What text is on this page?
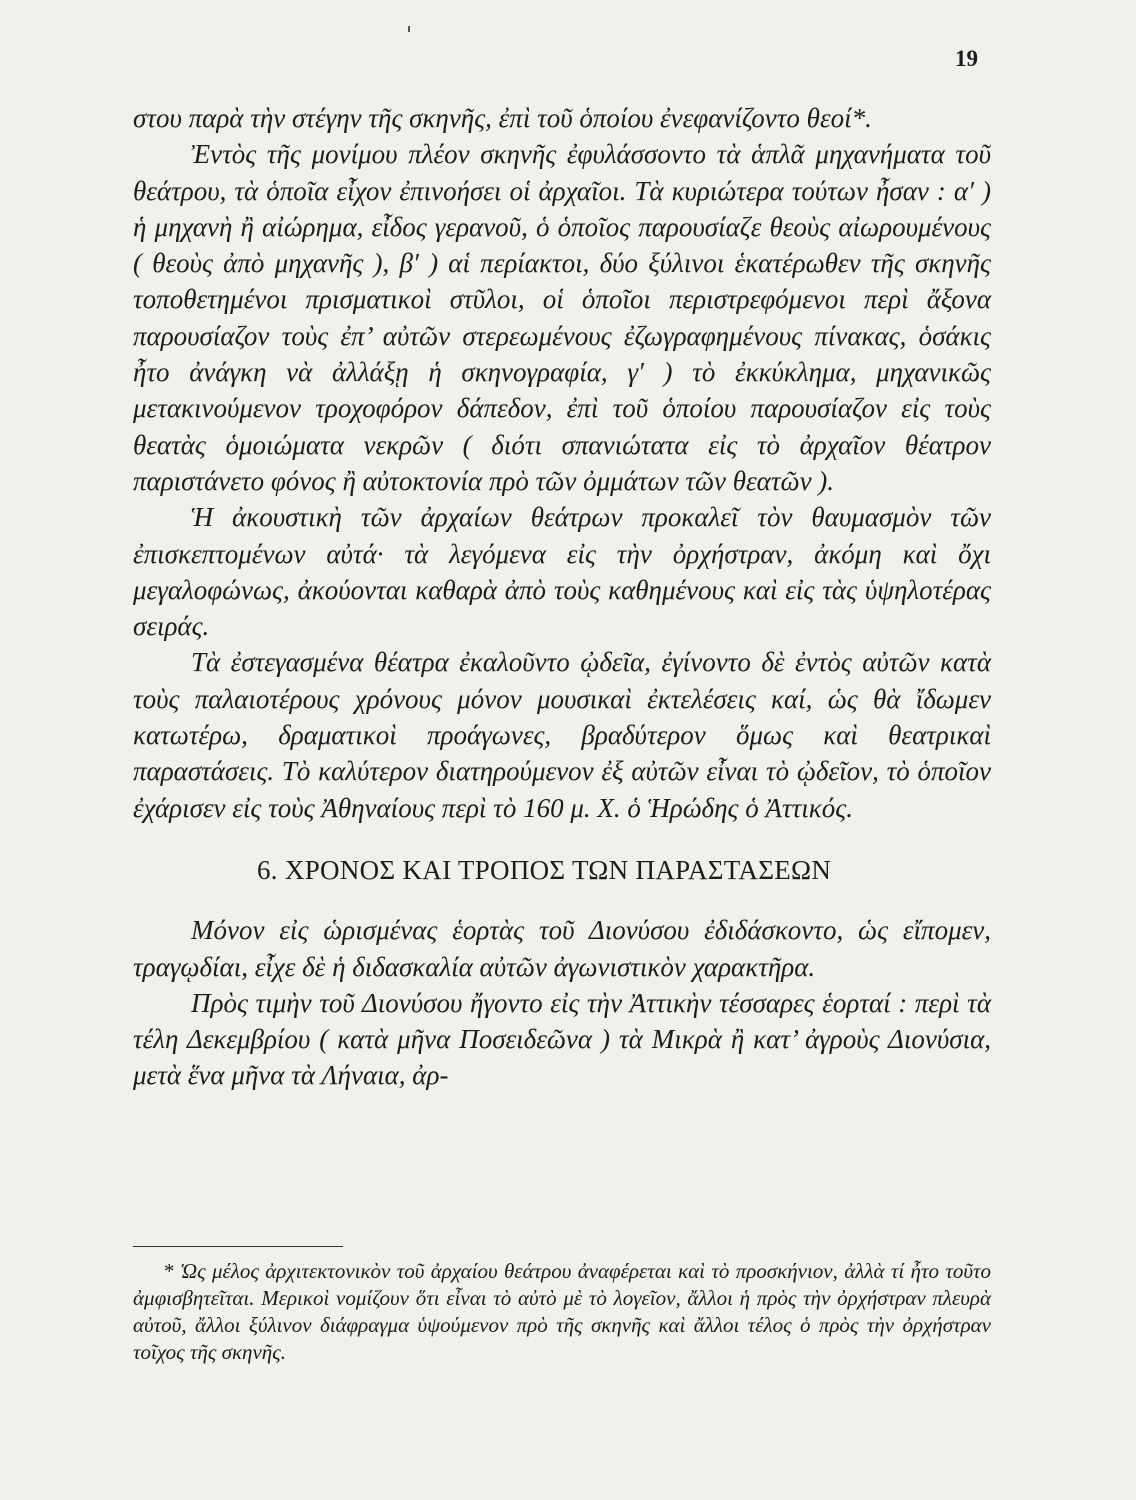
19

στου παρὰ τὴν στέγην τῆς σκηνῆς, ἐπὶ τοῦ ὁποίου ἐνεφανίζοντο θεοί*.

Ἐντὸς τῆς μονίμου πλέον σκηνῆς ἐφυλάσσοντο τὰ ἁπλᾶ μηχανήματα τοῦ θεάτρου, τὰ ὁποῖα εἶχον ἐπινοήσει οἱ ἀρχαῖοι. Τὰ κυριώτερα τούτων ἦσαν : α′ ) ἡ μηχανὴ ἢ αἰώρημα, εἶδος γερανοῦ, ὁ ὁποῖος παρουσίαζε θεοὺς αἰωρουμένους ( θεοὺς ἀπὸ μηχανῆς ), β′ ) αἱ περίακτοι, δύο ξύλινοι ἑκατέρωθεν τῆς σκηνῆς τοποθετημένοι πρισματικοὶ στῦλοι, οἱ ὁποῖοι περιστρεφόμενοι περὶ ἄξονα παρουσίαζον τοὺς ἐπ’ αὐτῶν στερεωμένους ἐζωγραφημένους πίνακας, ὁσάκις ἦτο ἀνάγκη νὰ ἀλλάξῃ ἡ σκηνογραφία, γ′ ) τὸ ἐκκύκλημα, μηχανικῶς μετακινούμενον τροχοφόρον δάπεδον, ἐπὶ τοῦ ὁποίου παρουσίαζον εἰς τοὺς θεατὰς ὁμοιώματα νεκρῶν ( διότι σπανιώτατα εἰς τὸ ἀρχαῖον θέατρον παριστάνετο φόνος ἢ αὐτοκτονία πρὸ τῶν ὀμμάτων τῶν θεατῶν ).

Ἡ ἀκουστικὴ τῶν ἀρχαίων θεάτρων προκαλεῖ τὸν θαυμασμὸν τῶν ἐπισκεπτομένων αὐτά· τὰ λεγόμενα εἰς τὴν ὀρχήστραν, ἀκόμη καὶ ὄχι μεγαλοφώνως, ἀκούονται καθαρὰ ἀπὸ τοὺς καθημένους καὶ εἰς τὰς ὑψηλοτέρας σειράς.

Τὰ ἐστεγασμένα θέατρα ἐκαλοῦντο ᾠδεῖα, ἐγίνοντο δὲ ἐντὸς αὐτῶν κατὰ τοὺς παλαιοτέρους χρόνους μόνον μουσικαὶ ἐκτελέσεις καί, ὡς θὰ ἴδωμεν κατωτέρω, δραματικοὶ προάγωνες, βραδύτερον ὅμως καὶ θεατρικαὶ παραστάσεις. Τὸ καλύτερον διατηρούμενον ἐξ αὐτῶν εἶναι τὸ ᾠδεῖον, τὸ ὁποῖον ἐχάρισεν εἰς τοὺς Ἀθηναίους περὶ τὸ 160 μ. Χ. ὁ Ἡρώδης ὁ Ἀττικός.

6. ΧΡΟΝΟΣ ΚΑΙ ΤΡΟΠΟΣ ΤΩΝ ΠΑΡΑΣΤΑΣΕΩΝ

Μόνον εἰς ὡρισμένας ἑορτὰς τοῦ Διονύσου ἐδιδάσκοντο, ὡς εἴπομεν, τραγῳδίαι, εἶχε δὲ ἡ διδασκαλία αὐτῶν ἀγωνιστικὸν χαρακτῆρα.

Πρὸς τιμὴν τοῦ Διονύσου ἤγοντο εἰς τὴν Ἀττικὴν τέσσαρες ἑορταί : περὶ τὰ τέλη Δεκεμβρίου ( κατὰ μῆνα Ποσειδεῶνα ) τὰ Μικρὰ ἢ κατ’ ἀγροὺς Διονύσια, μετὰ ἕνα μῆνα τὰ Λήναια, ἀρ-

* Ὡς μέλος ἀρχιτεκτονικὸν τοῦ ἀρχαίου θεάτρου ἀναφέρεται καὶ τὸ προσκήνιον, ἀλλὰ τί ἦτο τοῦτο ἀμφισβητεῖται. Μερικοὶ νομίζουν ὅτι εἶναι τὸ αὐτὸ μὲ τὸ λογεῖον, ἄλλοι ἡ πρὸς τὴν ὀρχήστραν πλευρὰ αὐτοῦ, ἄλλοι ξύλινον διάφραγμα ὑψούμενον πρὸ τῆς σκηνῆς καὶ ἄλλοι τέλος ὁ πρὸς τὴν ὀρχήστραν τοῖχος τῆς σκηνῆς.
